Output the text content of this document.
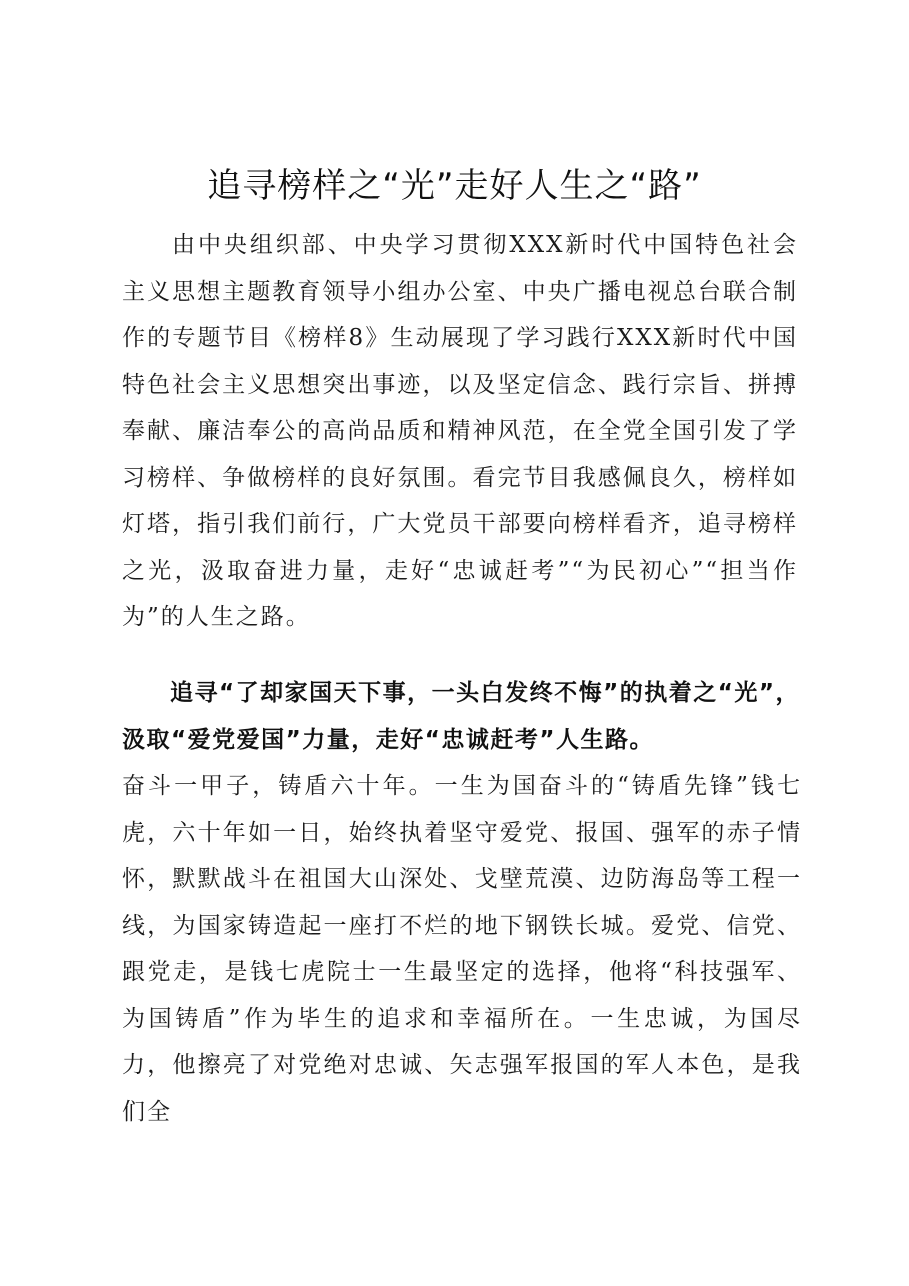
追寻榜样之“光”走好人生之“路”

由中央组织部、中央学习贯彻XXX新时代中国特色社会主义思想主题教育领导小组办公室、中央广播电视总台联合制作的专题节目《榜样8》生动展现了学习践行XXX新时代中国特色社会主义思想突出事迹，以及坚定信念、践行宗旨、拼搏奉献、廉洁奉公的高尚品质和精神风范，在全党全国引发了学习榜样、争做榜样的良好氛围。看完节目我感佩良久，榜样如灯塔，指引我们前行，广大党员干部要向榜样看齐，追寻榜样之光，汲取奋进力量，走好“忠诚赶考”“为民初心”“担当作为”的人生之路。

追寻“了却家国天下事，一头白发终不悔”的执着之“光”，汲取“爱党爱国”力量，走好“忠诚赶考”人生路。

奋斗一甲子，铸盾六十年。一生为国奋斗的“铸盾先锋”钱七虎，六十年如一日，始终执着坚守爱党、报国、强军的赤子情怀，默默战斗在祖国大山深处、戈壁荒漠、边防海岛等工程一线，为国家铸造起一座打不烂的地下钢铁长城。爱党、信党、跟党走，是钱七虎院士一生最坚定的选择，他将“科技强军、为国铸盾”作为毕生的追求和幸福所在。一生忠诚，为国尽力，他擦亮了对党绝对忠诚、矢志强军报国的军人本色，是我们全
